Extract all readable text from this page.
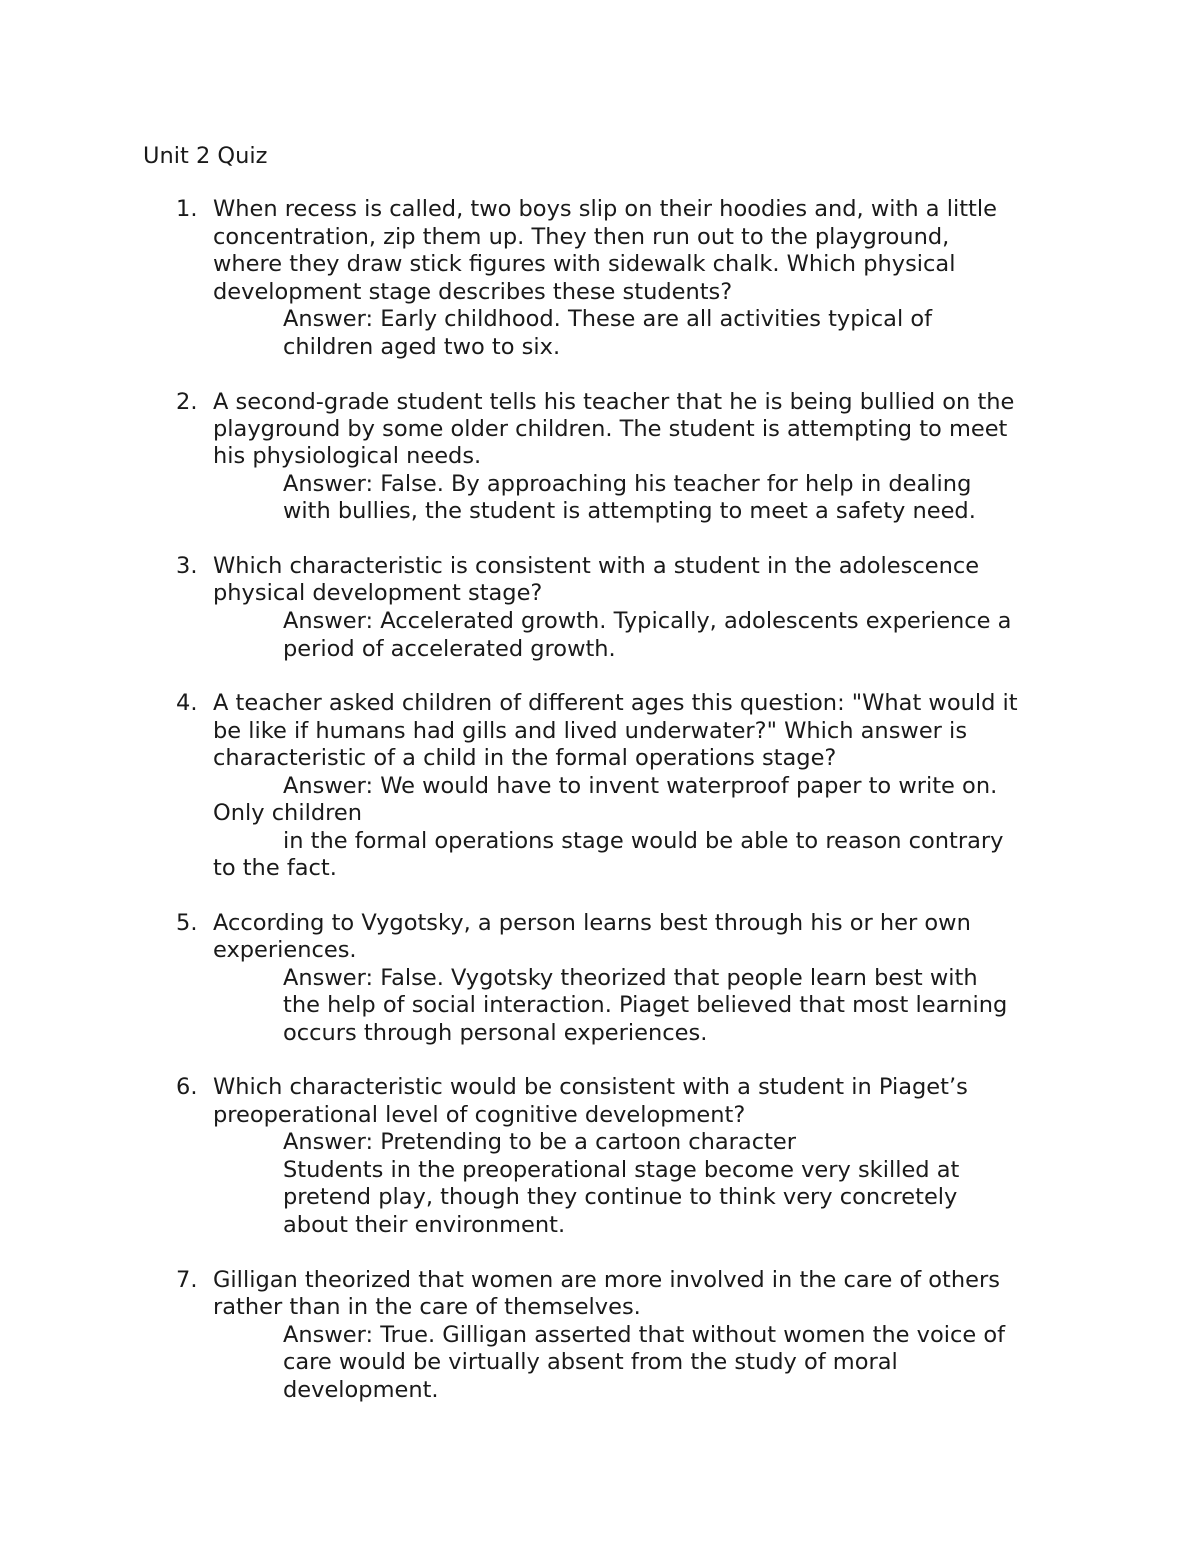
Unit 2 Quiz
1. When recess is called, two boys slip on their hoodies and, with a little
concentration, zip them up. They then run out to the playground,
where they draw stick figures with sidewalk chalk. Which physical
development stage describes these students?
Answer: Early childhood. These are all activities typical of
children aged two to six.
2. A second-grade student tells his teacher that he is being bullied on the
playground by some older children. The student is attempting to meet
his physiological needs.
Answer: False. By approaching his teacher for help in dealing
with bullies, the student is attempting to meet a safety need.
3. Which characteristic is consistent with a student in the adolescence
physical development stage?
Answer: Accelerated growth. Typically, adolescents experience a
period of accelerated growth.
4. A teacher asked children of different ages this question: "What would it
be like if humans had gills and lived underwater?" Which answer is
characteristic of a child in the formal operations stage?
Answer: We would have to invent waterproof paper to write on.
Only children
in the formal operations stage would be able to reason contrary
to the fact.
5. According to Vygotsky, a person learns best through his or her own
experiences.
Answer: False. Vygotsky theorized that people learn best with
the help of social interaction. Piaget believed that most learning
occurs through personal experiences.
6. Which characteristic would be consistent with a student in Piaget’s
preoperational level of cognitive development?
Answer: Pretending to be a cartoon character
Students in the preoperational stage become very skilled at
pretend play, though they continue to think very concretely
about their environment.
7. Gilligan theorized that women are more involved in the care of others
rather than in the care of themselves.
Answer: True. Gilligan asserted that without women the voice of
care would be virtually absent from the study of moral
development.
